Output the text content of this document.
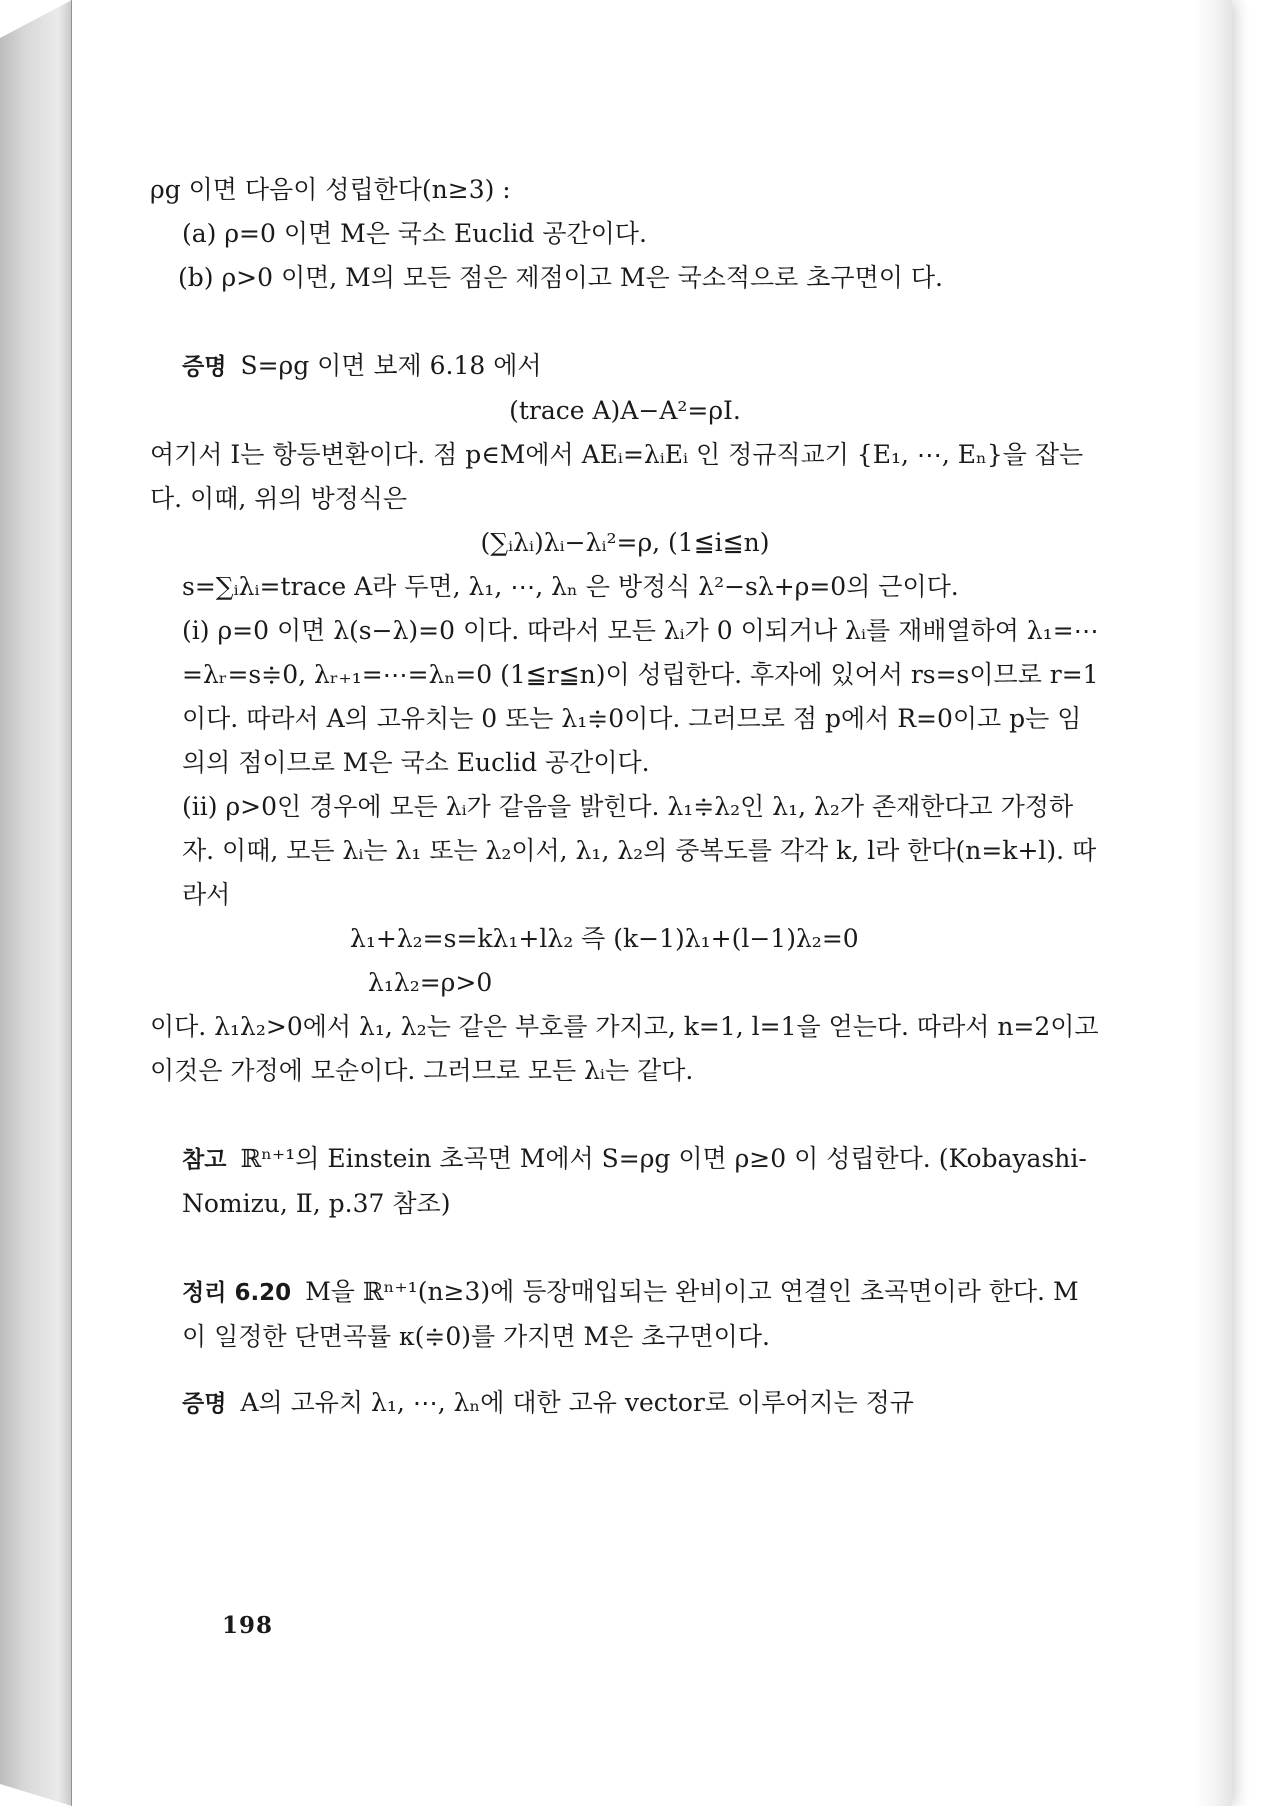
ρg 이면 다음이 성립한다(n≥3) :

(a) ρ=0 이면 M은 국소 Euclid 공간이다.

(b) ρ>0 이면, M의 모든 점은 제점이고 M은 국소적으로 초구면이 다.

증명 S=ρg 이면 보제 6.18 에서

(trace A)A−A²=ρI.

여기서 I는 항등변환이다. 점 p∈M에서 AEᵢ=λᵢEᵢ 인 정규직교기 {E₁, ⋯, Eₙ}을 잡는다. 이때, 위의 방정식은

(∑ᵢλᵢ)λᵢ−λᵢ²=ρ, (1≦i≦n)

s=∑ᵢλᵢ=trace A라 두면, λ₁, ⋯, λₙ 은 방정식 λ²−sλ+ρ=0의 근이다.

(i) ρ=0 이면 λ(s−λ)=0 이다. 따라서 모든 λᵢ가 0 이되거나 λᵢ를 재배열하여 λ₁=⋯=λᵣ=s≑0, λᵣ₊₁=⋯=λₙ=0 (1≦r≦n)이 성립한다. 후자에 있어서 rs=s이므로 r=1이다. 따라서 A의 고유치는 0 또는 λ₁≑0이다. 그러므로 점 p에서 R=0이고 p는 임의의 점이므로 M은 국소 Euclid 공간이다.

(ii) ρ>0인 경우에 모든 λᵢ가 같음을 밝힌다. λ₁≑λ₂인 λ₁, λ₂가 존재한다고 가정하자. 이때, 모든 λᵢ는 λ₁ 또는 λ₂이서, λ₁, λ₂의 중복도를 각각 k, l라 한다(n=k+l). 따라서

λ₁+λ₂=s=kλ₁+lλ₂ 즉 (k−1)λ₁+(l−1)λ₂=0

λ₁λ₂=ρ>0

이다. λ₁λ₂>0에서 λ₁, λ₂는 같은 부호를 가지고, k=1, l=1을 얻는다. 따라서 n=2이고 이것은 가정에 모순이다. 그러므로 모든 λᵢ는 같다.

참고 ℝⁿ⁺¹의 Einstein 초곡면 M에서 S=ρg 이면 ρ≥0 이 성립한다. (Kobayashi-Nomizu, Ⅱ, p.37 참조)

정리 6.20 M을 ℝⁿ⁺¹(n≥3)에 등장매입되는 완비이고 연결인 초곡면이라 한다. M이 일정한 단면곡률 κ(≑0)를 가지면 M은 초구면이다.

증명 A의 고유치 λ₁, ⋯, λₙ에 대한 고유 vector로 이루어지는 정규

198
